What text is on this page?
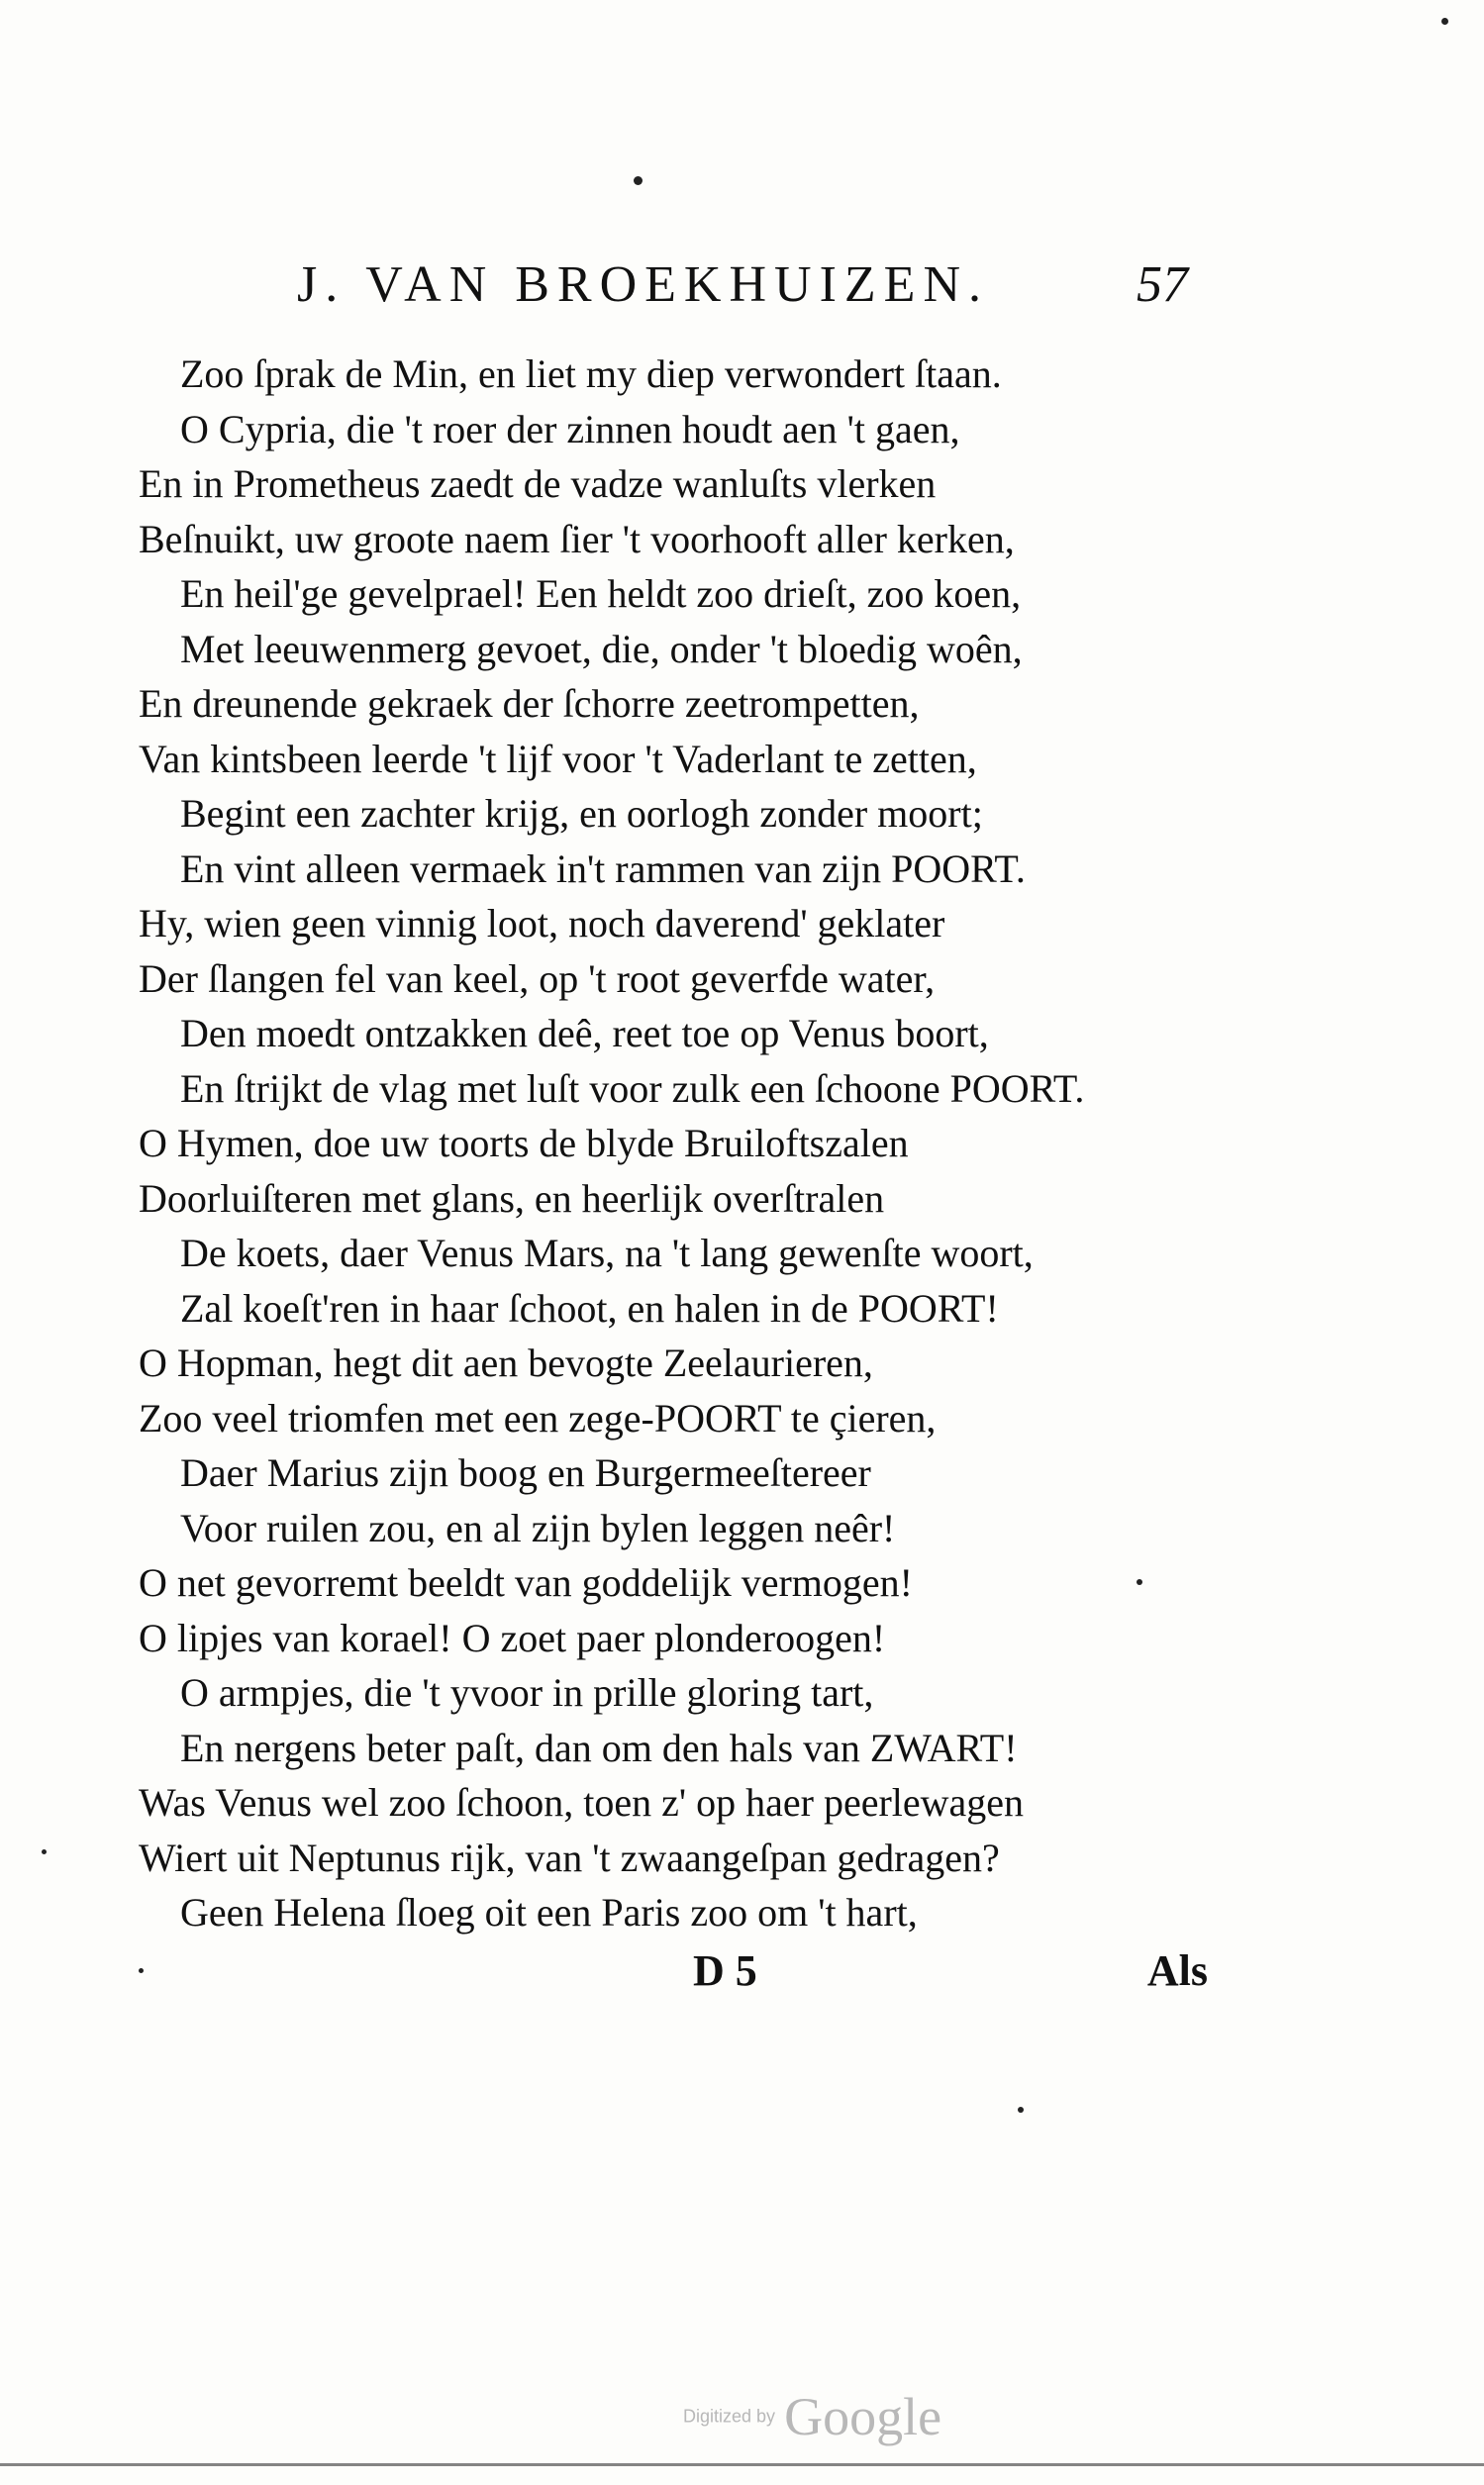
J. VAN BROEKHUIZEN.	57
Zoo ſprak de Min, en liet my diep verwondert ſtaan.
O Cypria, die 't roer der zinnen houdt aen 't gaen,
En in Prometheus zaedt de vadze wanluſts vlerken
Beſnuikt, uw groote naem ſier 't voorhooft aller kerken,
En heil'ge gevelprael! Een heldt zoo drieſt, zoo koen,
Met leeuwenmerg gevoet, die, onder 't bloedig woên,
En dreunende gekraek der ſchorre zeetrompetten,
Van kintsbeen leerde 't lijf voor 't Vaderlant te zetten,
Begint een zachter krijg, en oorlogh zonder moort;
En vint alleen vermaek in't rammen van zijn POORT.
Hy, wien geen vinnig loot, noch daverend' geklater
Der ſlangen fel van keel, op 't root geverfde water,
Den moedt ontzakken deê, reet toe op Venus boort,
En ſtrijkt de vlag met luſt voor zulk een ſchoone POORT.
O Hymen, doe uw toorts de blyde Bruiloftszalen
Doorluiſteren met glans, en heerlijk overſtralen
De koets, daer Venus Mars, na 't lang gewenſte woort,
Zal koeſt'ren in haar ſchoot, en halen in de POORT!
O Hopman, hegt dit aen bevogte Zeelaurieren,
Zoo veel triomfen met een zege-POORT te çieren,
Daer Marius zijn boog en Burgermeeſtereer
Voor ruilen zou, en al zijn bylen leggen neêr!
O net gevorremt beeldt van goddelijk vermogen!
O lipjes van korael! O zoet paer plonderoogen!
O armpjes, die 't yvoor in prille gloring tart,
En nergens beter paſt, dan om den hals van ZWART!
Was Venus wel zoo ſchoon, toen z' op haer peerlewagen
Wiert uit Neptunus rijk, van 't zwaangeſpan gedragen?
Geen Helena ſloeg oit een Paris zoo om 't hart,
D 5	Als
Digitized by Google
